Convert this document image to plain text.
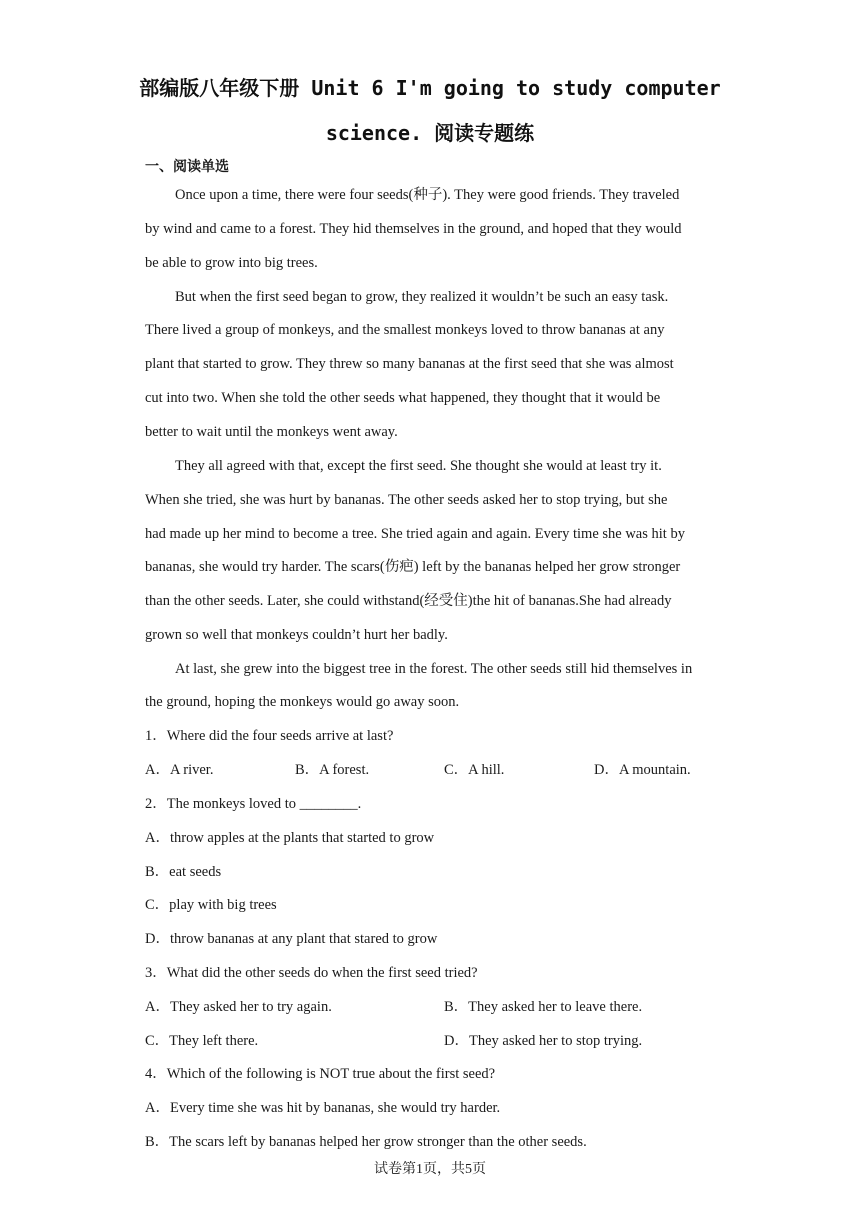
部编版八年级下册 Unit 6 I'm going to study computer
science. 阅读专题练
一、阅读单选
Once upon a time, there were four seeds(种子). They were good friends. They traveled
by wind and came to a forest. They hid themselves in the ground, and hoped that they would
be able to grow into big trees.
But when the first seed began to grow, they realized it wouldn’t be such an easy task.
There lived a group of monkeys, and the smallest monkeys loved to throw bananas at any
plant that started to grow. They threw so many bananas at the first seed that she was almost
cut into two. When she told the other seeds what happened, they thought that it would be
better to wait until the monkeys went away.
They all agreed with that, except the first seed. She thought she would at least try it.
When she tried, she was hurt by bananas. The other seeds asked her to stop trying, but she
had made up her mind to become a tree. She tried again and again. Every time she was hit by
bananas, she would try harder. The scars(伤疤) left by the bananas helped her grow stronger
than the other seeds. Later, she could withstand(经受住)the hit of bananas.She had already
grown so well that monkeys couldn’t hurt her badly.
At last, she grew into the biggest tree in the forest. The other seeds still hid themselves in
the ground, hoping the monkeys would go away soon.
1．Where did the four seeds arrive at last?
A．A river.	B．A forest.	C．A hill.	D．A mountain.
2．The monkeys loved to ________.
A．throw apples at the plants that started to grow
B．eat seeds
C．play with big trees
D．throw bananas at any plant that stared to grow
3．What did the other seeds do when the first seed tried?
A．They asked her to try again.	B．They asked her to leave there.
C．They left there.	D．They asked her to stop trying.
4．Which of the following is NOT true about the first seed?
A．Every time she was hit by bananas, she would try harder.
B．The scars left by bananas helped her grow stronger than the other seeds.
试卷第1页，共5页
